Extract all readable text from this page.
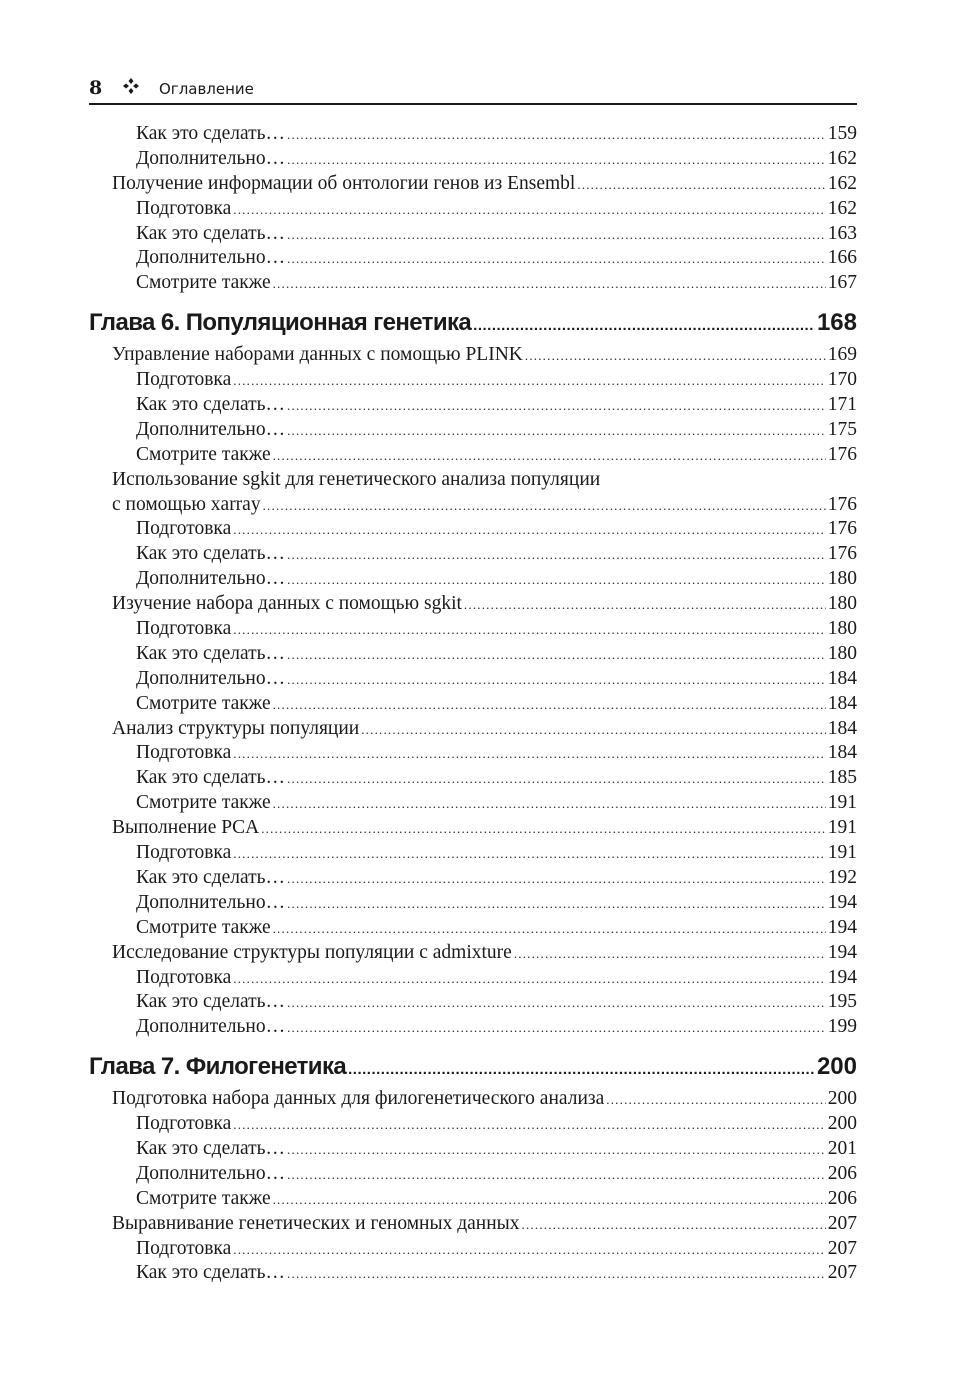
8	Оглавление
Как это сделать… .....	159
Дополнительно… .....	162
Получение информации об онтологии генов из Ensembl .....	162
Подготовка .....	162
Как это сделать… .....	163
Дополнительно… .....	166
Смотрите также .....	167
Глава 6. Популяционная генетика .....	168
Управление наборами данных с помощью PLINK .....	169
Подготовка .....	170
Как это сделать… .....	171
Дополнительно… .....	175
Смотрите также .....	176
Использование sgkit для генетического анализа популяции
с помощью xarray .....	176
Подготовка .....	176
Как это сделать… .....	176
Дополнительно… .....	180
Изучение набора данных с помощью sgkit .....	180
Подготовка .....	180
Как это сделать… .....	180
Дополнительно… .....	184
Смотрите также .....	184
Анализ структуры популяции .....	184
Подготовка .....	184
Как это сделать… .....	185
Смотрите также .....	191
Выполнение PCA .....	191
Подготовка .....	191
Как это сделать… .....	192
Дополнительно… .....	194
Смотрите также .....	194
Исследование структуры популяции с admixture .....	194
Подготовка .....	194
Как это сделать… .....	195
Дополнительно… .....	199
Глава 7. Филогенетика .....	200
Подготовка набора данных для филогенетического анализа .....	200
Подготовка .....	200
Как это сделать… .....	201
Дополнительно… .....	206
Смотрите также .....	206
Выравнивание генетических и геномных данных .....	207
Подготовка .....	207
Как это сделать… .....	207
